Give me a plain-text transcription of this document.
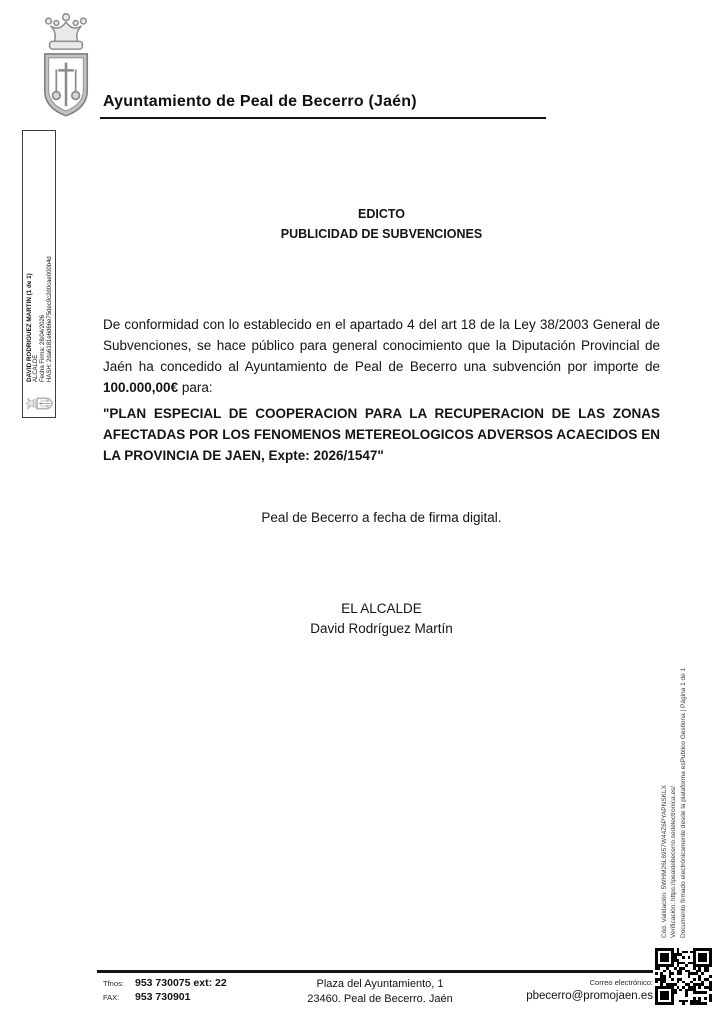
Ayuntamiento de Peal de Becerro (Jaén)
DAVID RODRIGUEZ MARTIN (1 de 1) ALCALDE Fecha Firma: 28/04/2026 HASH: 2da6181e6d66e75dec9c2d0cae000b4d
EDICTO
PUBLICIDAD DE SUBVENCIONES

De conformidad con lo establecido en el apartado 4 del art 18 de la Ley 38/2003 General de Subvenciones, se hace público para general conocimiento que la Diputación Provincial de Jaén ha concedido al Ayuntamiento de Peal de Becerro una subvención por importe de 100.000,00€ para:

"PLAN ESPECIAL DE COOPERACION PARA LA RECUPERACION DE LAS ZONAS AFECTADAS POR LOS FENOMENOS METEREOLOGICOS ADVERSOS ACAECIDOS EN LA PROVINCIA DE JAEN, Expte: 2026/1547"

Peal de Becerro a fecha de firma digital.
EL ALCALDE
David Rodríguez Martín
Cód. Validación: 5WHM26L6957W44Z6PYAPNSKLX Verificación: https://pealdebecerro.sedelectronica.es/ Documento firmado electrónicamente desde la plataforma esPublico Gestiona | Página 1 de 1
Tfnos:	953 730075 ext: 22
FAX:	953 730901
Plaza del Ayuntamiento, 1
23460. Peal de Becerro. Jaén
Correo electrónico:
pbecerro@promojaen.es
